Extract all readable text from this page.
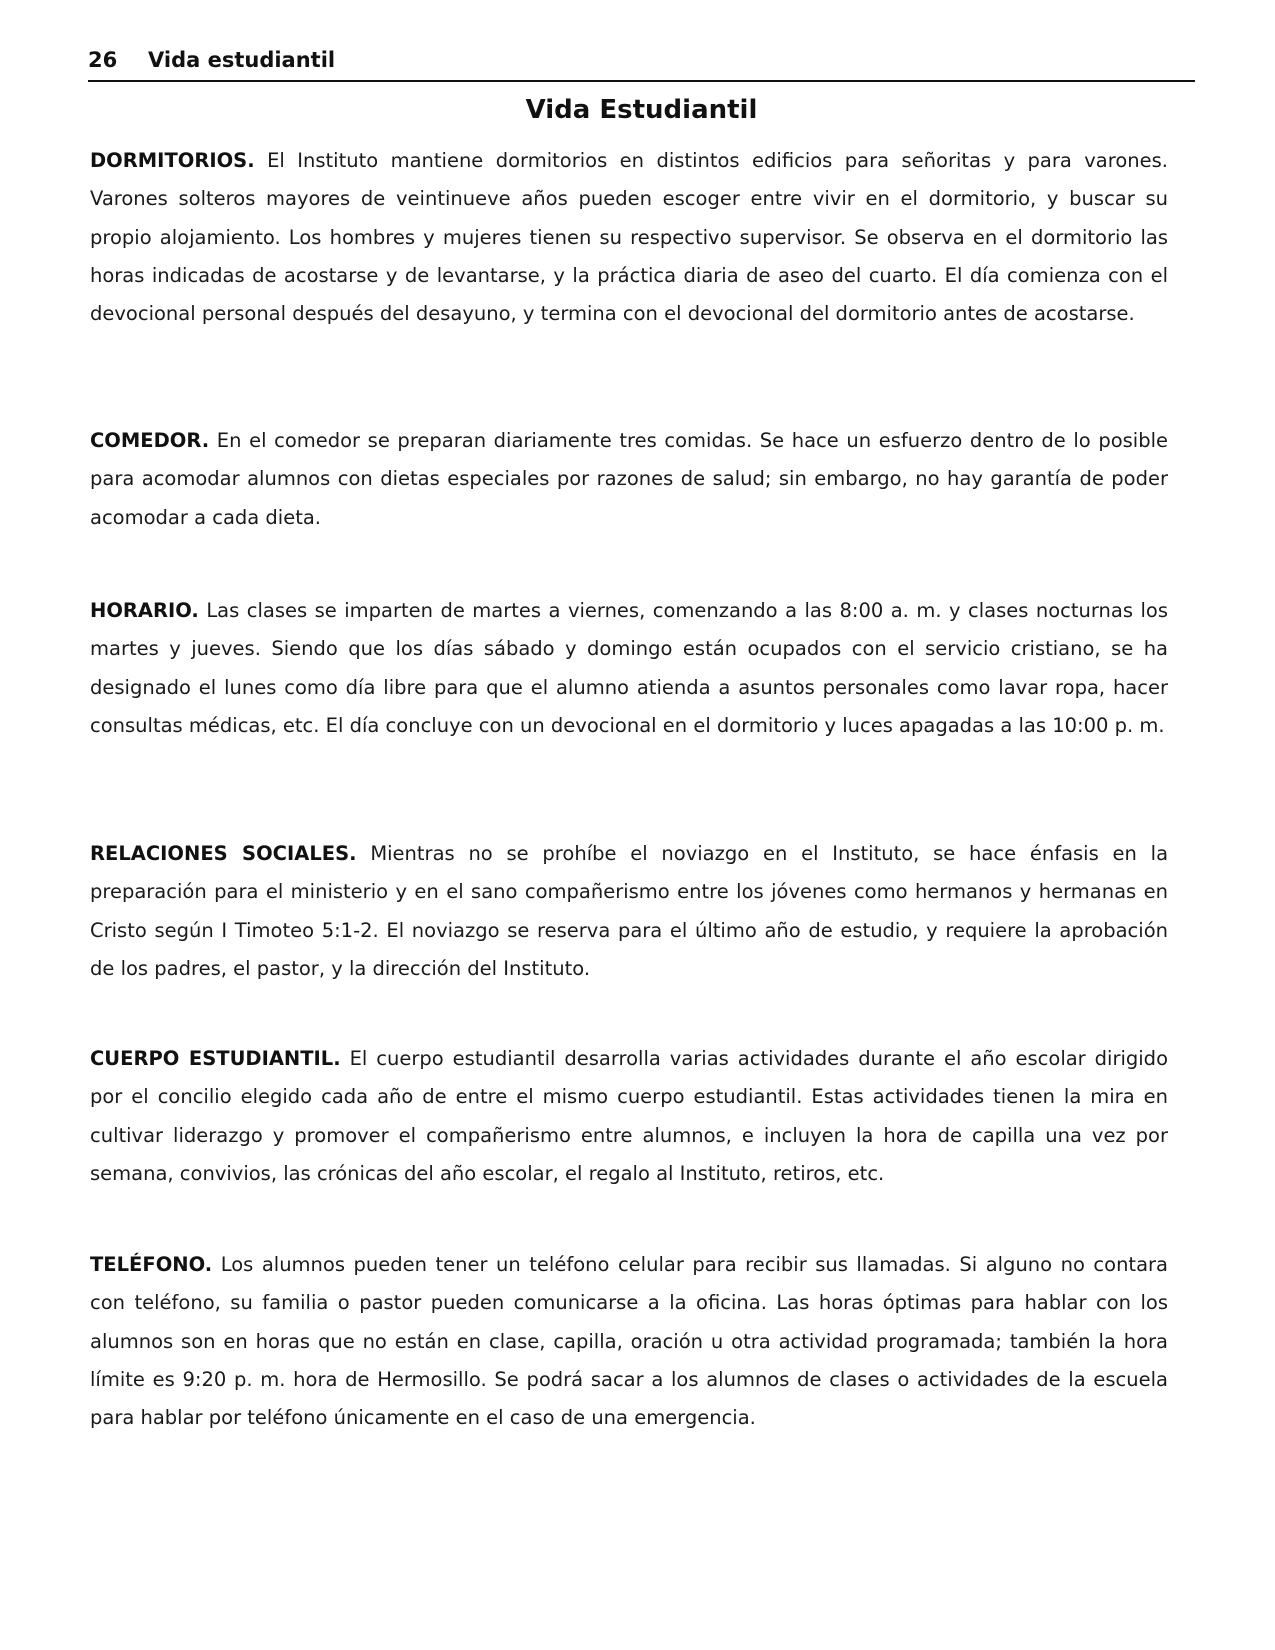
26 Vida estudiantil
Vida Estudiantil

DORMITORIOS. El Instituto mantiene dormitorios en distintos edificios para señoritas y para varones. Varones solteros mayores de veintinueve años pueden escoger entre vivir en el dormitorio, y buscar su propio alojamiento. Los hombres y mujeres tienen su respectivo supervisor. Se observa en el dormitorio las horas indicadas de acostarse y de levantarse, y la práctica diaria de aseo del cuarto. El día comienza con el devocional personal después del desayuno, y termina con el devocional del dormitorio antes de acostarse.

COMEDOR. En el comedor se preparan diariamente tres comidas. Se hace un esfuerzo dentro de lo posible para acomodar alumnos con dietas especiales por razones de salud; sin embargo, no hay garantía de poder acomodar a cada dieta.

HORARIO. Las clases se imparten de martes a viernes, comenzando a las 8:00 a. m. y clases nocturnas los martes y jueves. Siendo que los días sábado y domingo están ocupados con el servicio cristiano, se ha designado el lunes como día libre para que el alumno atienda a asuntos personales como lavar ropa, hacer consultas médicas, etc. El día concluye con un devocional en el dormitorio y luces apagadas a las 10:00 p. m.

RELACIONES SOCIALES. Mientras no se prohíbe el noviazgo en el Instituto, se hace énfasis en la preparación para el ministerio y en el sano compañerismo entre los jóvenes como hermanos y hermanas en Cristo según I Timoteo 5:1-2. El noviazgo se reserva para el último año de estudio, y requiere la aprobación de los padres, el pastor, y la dirección del Instituto.

CUERPO ESTUDIANTIL. El cuerpo estudiantil desarrolla varias actividades durante el año escolar dirigido por el concilio elegido cada año de entre el mismo cuerpo estudiantil. Estas actividades tienen la mira en cultivar liderazgo y promover el compañerismo entre alumnos, e incluyen la hora de capilla una vez por semana, convivios, las crónicas del año escolar, el regalo al Instituto, retiros, etc.

TELÉFONO. Los alumnos pueden tener un teléfono celular para recibir sus llamadas. Si alguno no contara con teléfono, su familia o pastor pueden comunicarse a la oficina. Las horas óptimas para hablar con los alumnos son en horas que no están en clase, capilla, oración u otra actividad programada; también la hora límite es 9:20 p. m. hora de Hermosillo. Se podrá sacar a los alumnos de clases o actividades de la escuela para hablar por teléfono únicamente en el caso de una emergencia.
